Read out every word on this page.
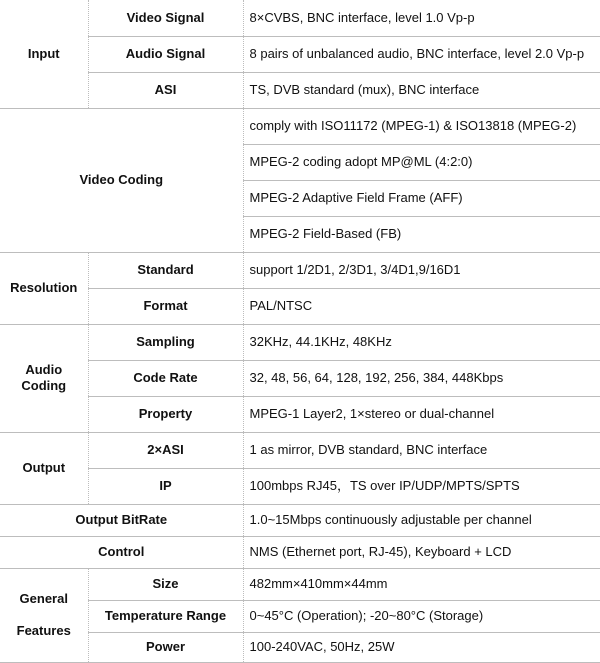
Input	Video Signal	8×CVBS, BNC interface, level 1.0 Vp-p
	Audio Signal	8 pairs of unbalanced audio, BNC interface, level 2.0 Vp-p
	ASI	TS, DVB standard (mux), BNC interface
Video Coding		comply with ISO11172 (MPEG-1) & ISO13818 (MPEG-2)
		MPEG-2 coding adopt MP@ML (4:2:0)
		MPEG-2 Adaptive Field Frame (AFF)
		MPEG-2 Field-Based (FB)
Resolution	Standard	support 1/2D1, 2/3D1, 3/4D1,9/16D1
	Format	PAL/NTSC
Audio
Coding	Sampling	32KHz, 44.1KHz, 48KHz
	Code Rate	32, 48, 56, 64, 128, 192, 256, 384, 448Kbps
	Property	MPEG-1 Layer2, 1×stereo or dual-channel
Output	2×ASI	1 as mirror, DVB standard, BNC interface
	IP	100mbps RJ45，TS over IP/UDP/MPTS/SPTS
Output BitRate		1.0~15Mbps continuously adjustable per channel
Control		NMS (Ethernet port, RJ-45), Keyboard + LCD
General

Features	Size	482mm×410mm×44mm
	Temperature Range	0~45°C (Operation); -20~80°C (Storage)
	Power	100-240VAC, 50Hz, 25W
